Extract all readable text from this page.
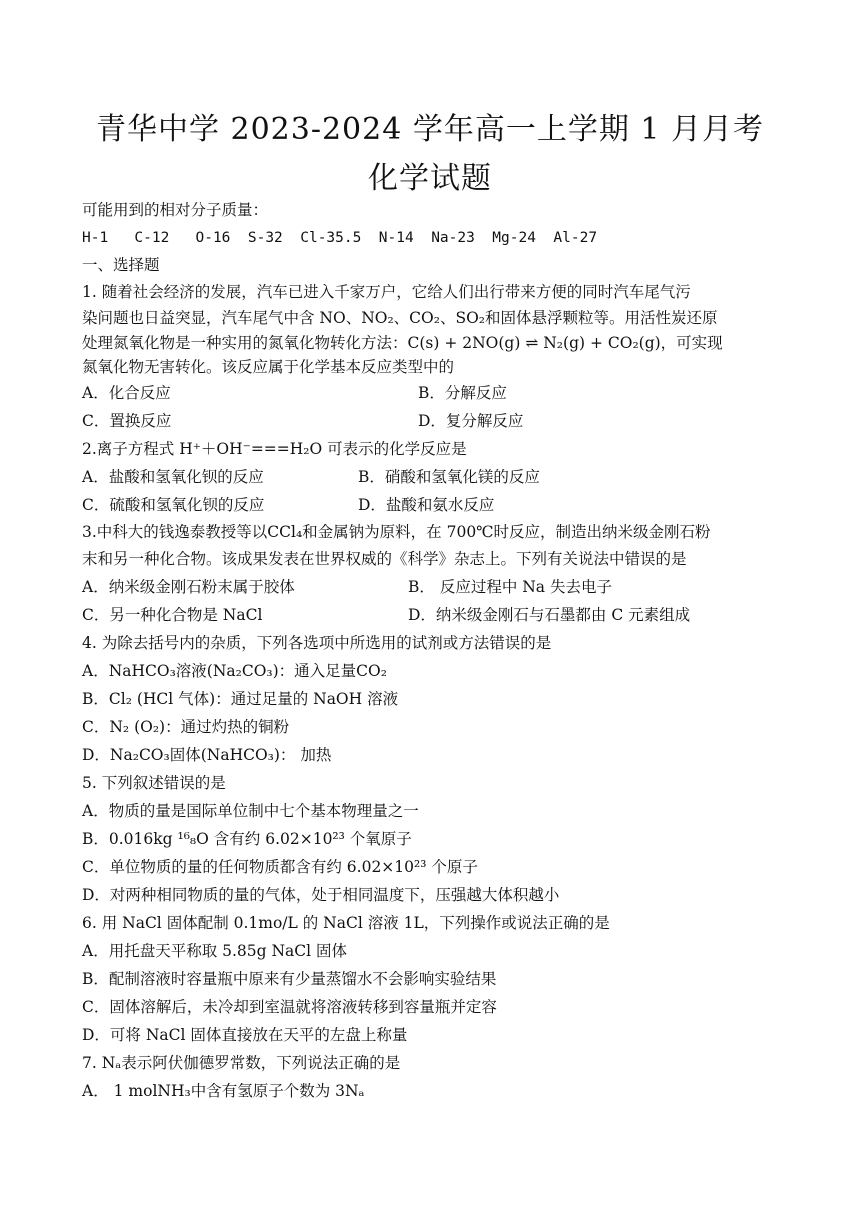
青华中学 2023-2024 学年高一上学期 1 月月考
化学试题
可能用到的相对分子质量：
H-1   C-12   O-16  S-32  Cl-35.5  N-14  Na-23  Mg-24  Al-27
一、选择题
1. 随着社会经济的发展，汽车已进入千家万户，它给人们出行带来方便的同时汽车尾气污
染问题也日益突显，汽车尾气中含 NO、NO₂、CO₂、SO₂和固体悬浮颗粒等。用活性炭还原
处理氮氧化物是一种实用的氮氧化物转化方法：C(s) + 2NO(g) ⇌ N₂(g) + CO₂(g)，可实现
氮氧化物无害转化。该反应属于化学基本反应类型中的
A．化合反应	B．分解反应
C．置换反应	D．复分解反应
2.离子方程式 H⁺＋OH⁻===H₂O 可表示的化学反应是
A．盐酸和氢氧化钡的反应	B．硝酸和氢氧化镁的反应
C．硫酸和氢氧化钡的反应	D．盐酸和氨水反应
3.中科大的钱逸泰教授等以CCl₄和金属钠为原料，在 700℃时反应，制造出纳米级金刚石粉
末和另一种化合物。该成果发表在世界权威的《科学》杂志上。下列有关说法中错误的是
A．纳米级金刚石粉末属于胶体	B． 反应过程中 Na 失去电子
C．另一种化合物是 NaCl	D．纳米级金刚石与石墨都由 C 元素组成
4. 为除去括号内的杂质，下列各选项中所选用的试剂或方法错误的是
A．NaHCO₃溶液(Na₂CO₃)：通入足量CO₂
B．Cl₂ (HCl 气体)：通过足量的 NaOH 溶液
C．N₂ (O₂)：通过灼热的铜粉
D．Na₂CO₃固体(NaHCO₃)： 加热
5. 下列叙述错误的是
A．物质的量是国际单位制中七个基本物理量之一
B．0.016kg ¹⁶₈O 含有约 6.02×10²³ 个氧原子
C．单位物质的量的任何物质都含有约 6.02×10²³ 个原子
D．对两种相同物质的量的气体，处于相同温度下，压强越大体积越小
6. 用 NaCl 固体配制 0.1mo/L 的 NaCl 溶液 1L，下列操作或说法正确的是
A．用托盘天平称取 5.85g NaCl 固体
B．配制溶液时容量瓶中原来有少量蒸馏水不会影响实验结果
C．固体溶解后，未冷却到室温就将溶液转移到容量瓶并定容
D．可将 NaCl 固体直接放在天平的左盘上称量
7. Nₐ表示阿伏伽德罗常数，下列说法正确的是
A． 1 molNH₃中含有氢原子个数为 3Nₐ
